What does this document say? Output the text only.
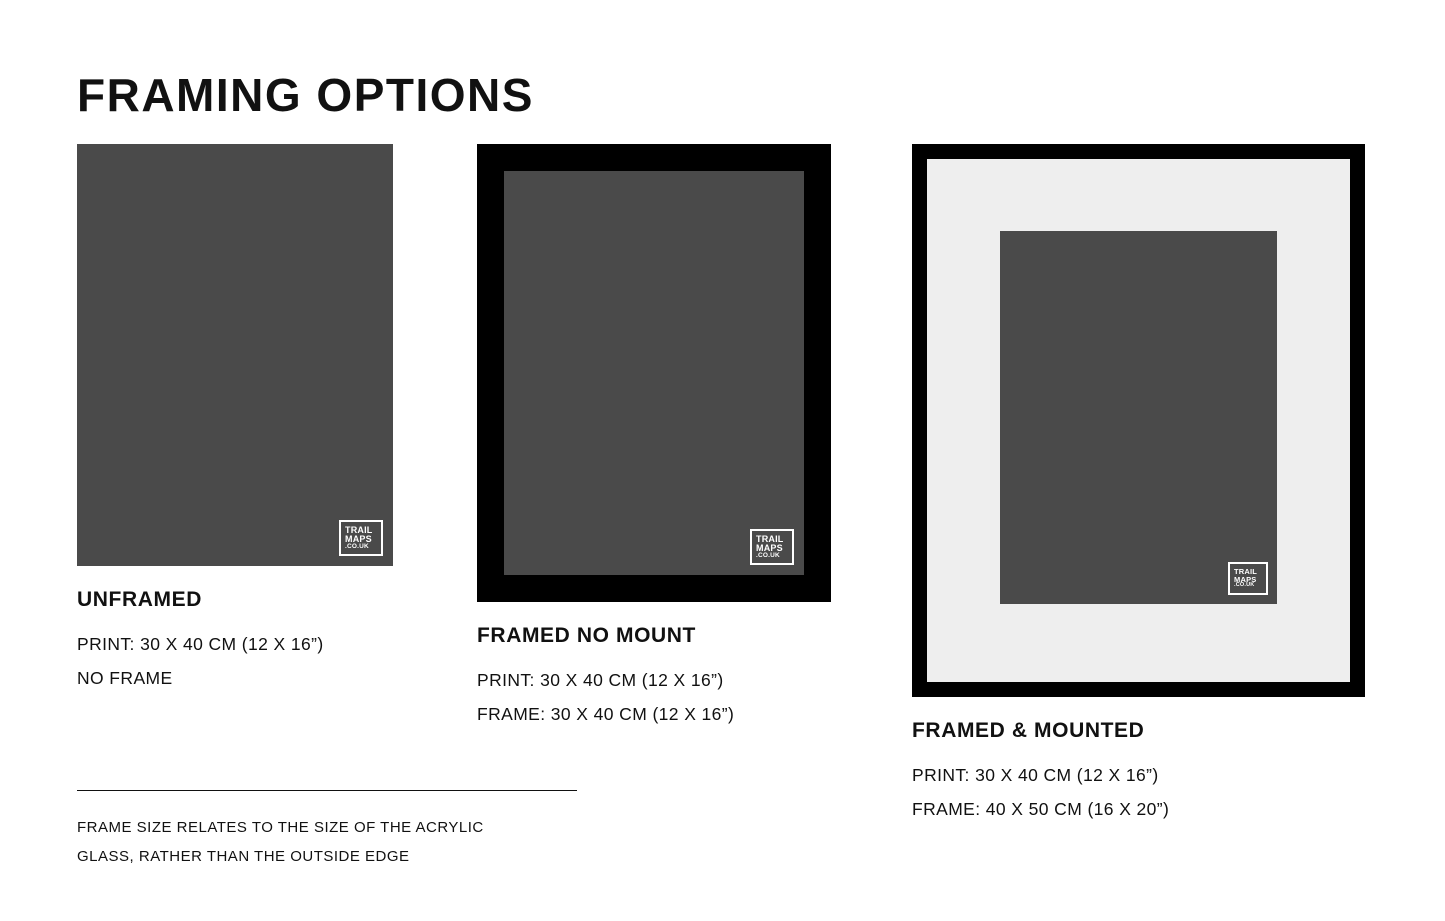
FRAMING OPTIONS
TRAIL
MAPS
.CO.UK

UNFRAMED

PRINT: 30 X 40 CM (12 X 16”)

NO FRAME

TRAIL
MAPS
.CO.UK

FRAMED NO MOUNT

PRINT: 30 X 40 CM (12 X 16”)

FRAME: 30 X 40 CM (12 X 16”)

TRAIL
MAPS
.CO.UK

FRAMED & MOUNTED

PRINT: 30 X 40 CM (12 X 16”)

FRAME: 40 X 50 CM (16 X 20”)

FRAME SIZE RELATES TO THE SIZE OF THE ACRYLIC

GLASS, RATHER THAN THE OUTSIDE EDGE
